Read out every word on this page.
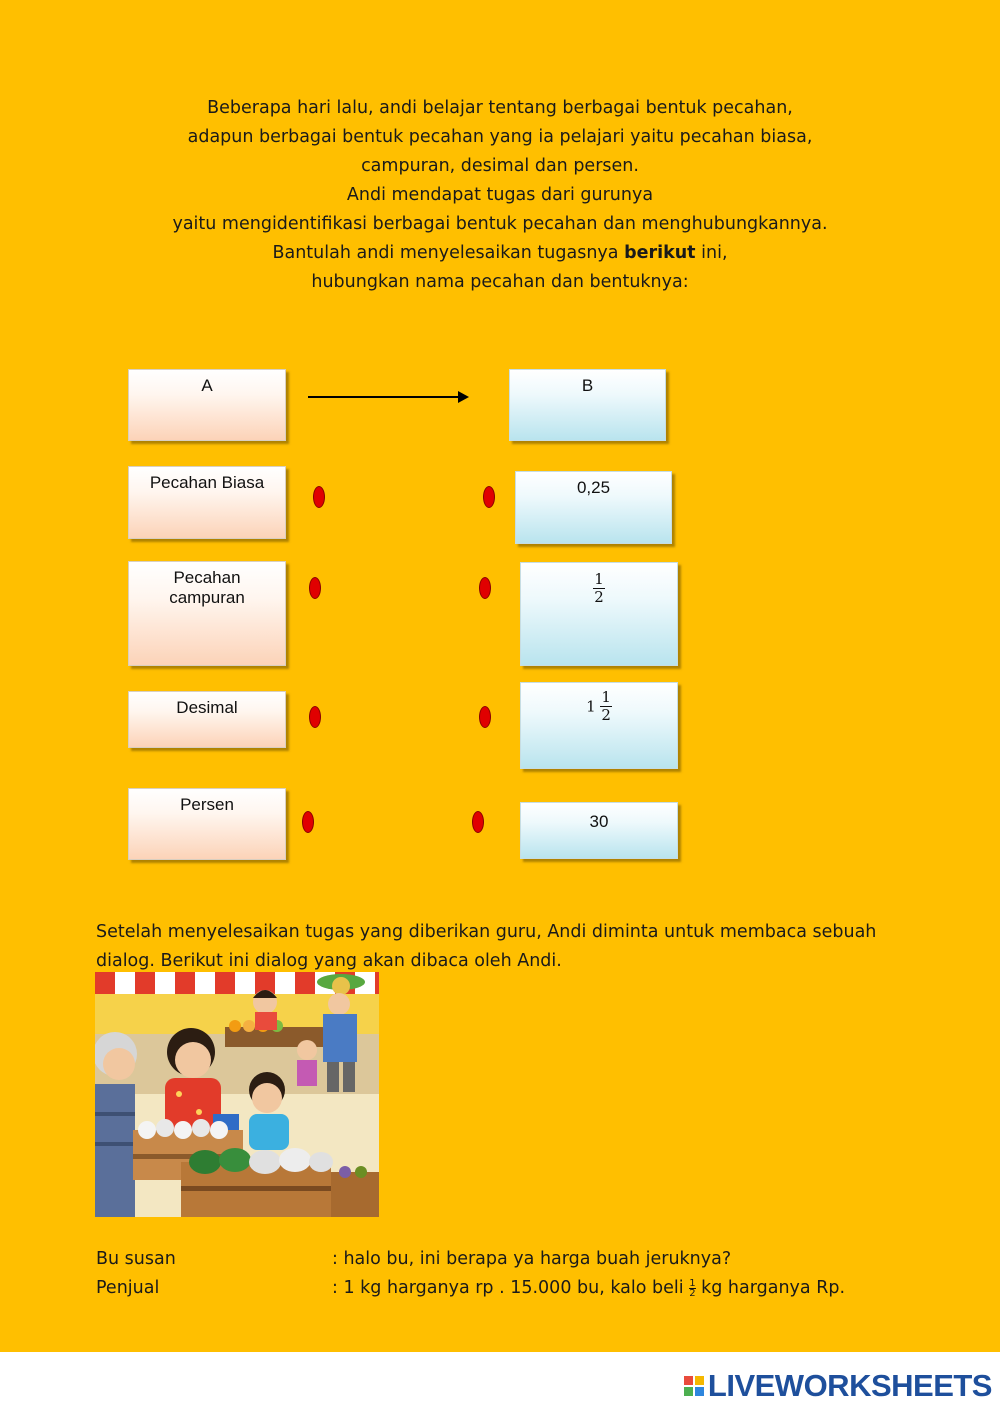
Beberapa hari lalu, andi belajar tentang berbagai bentuk pecahan,
adapun berbagai bentuk pecahan yang ia pelajari yaitu pecahan biasa,
campuran, desimal dan persen.
Andi mendapat tugas dari gurunya
yaitu mengidentifikasi berbagai bentuk pecahan dan menghubungkannya.
Bantulah andi menyelesaikan tugasnya berikut ini,
hubungkan nama pecahan dan bentuknya:
A	B
Pecahan Biasa
Pecahan campuran
Desimal
Persen
0,25
$\frac{1}{2}$
$1 \frac{1}{2}$
30
Setelah menyelesaikan tugas yang diberikan guru, Andi diminta untuk membaca sebuah
dialog. Berikut ini dialog yang akan dibaca oleh Andi.
Bu susan	: halo bu, ini berapa ya harga buah jeruknya?
Penjual	: 1 kg harganya rp . 15.000 bu, kalo beli $\frac{1}{2}$ kg harganya Rp.
LIVEWORKSHEETS
